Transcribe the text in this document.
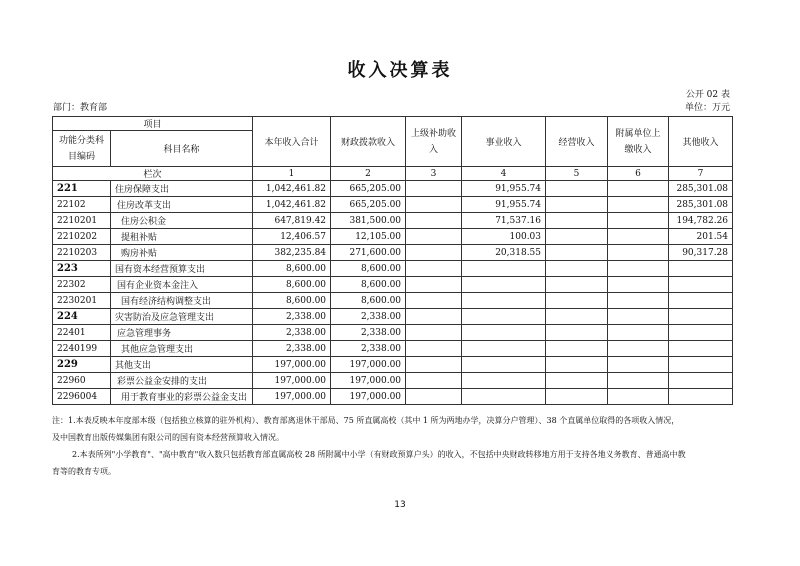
收入决算表
公开 02 表
部门：教育部	单位：万元
项目		本年收入合计	财政拨款收入	上级补助收入	事业收入	经营收入	附属单位上缴收入	其他收入
功能分类科目编码	科目名称							
栏次		1	2	3	4	5	6	7
221	住房保障支出	1,042,461.82	665,205.00		91,955.74			285,301.08
22102	住房改革支出	1,042,461.82	665,205.00		91,955.74			285,301.08
2210201	住房公积金	647,819.42	381,500.00		71,537.16			194,782.26
2210202	提租补贴	12,406.57	12,105.00		100.03			201.54
2210203	购房补贴	382,235.84	271,600.00		20,318.55			90,317.28
223	国有资本经营预算支出	8,600.00	8,600.00					
22302	国有企业资本金注入	8,600.00	8,600.00					
2230201	国有经济结构调整支出	8,600.00	8,600.00					
224	灾害防治及应急管理支出	2,338.00	2,338.00					
22401	应急管理事务	2,338.00	2,338.00					
2240199	其他应急管理支出	2,338.00	2,338.00					
229	其他支出	197,000.00	197,000.00					
22960	彩票公益金安排的支出	197,000.00	197,000.00					
2296004	用于教育事业的彩票公益金支出	197,000.00	197,000.00					

注：1.本表反映本年度部本级（包括独立核算的驻外机构）、教育部离退休干部局、75 所直属高校（其中 1 所为两地办学，决算分户管理）、38 个直属单位取得的各项收入情况，

及中国教育出版传媒集团有限公司的国有资本经营预算收入情况。

2.本表所列"小学教育"、"高中教育"收入数只包括教育部直属高校 28 所附属中小学（有财政预算户头）的收入，不包括中央财政转移地方用于支持各地义务教育、普通高中教

育等的教育专项。

13
